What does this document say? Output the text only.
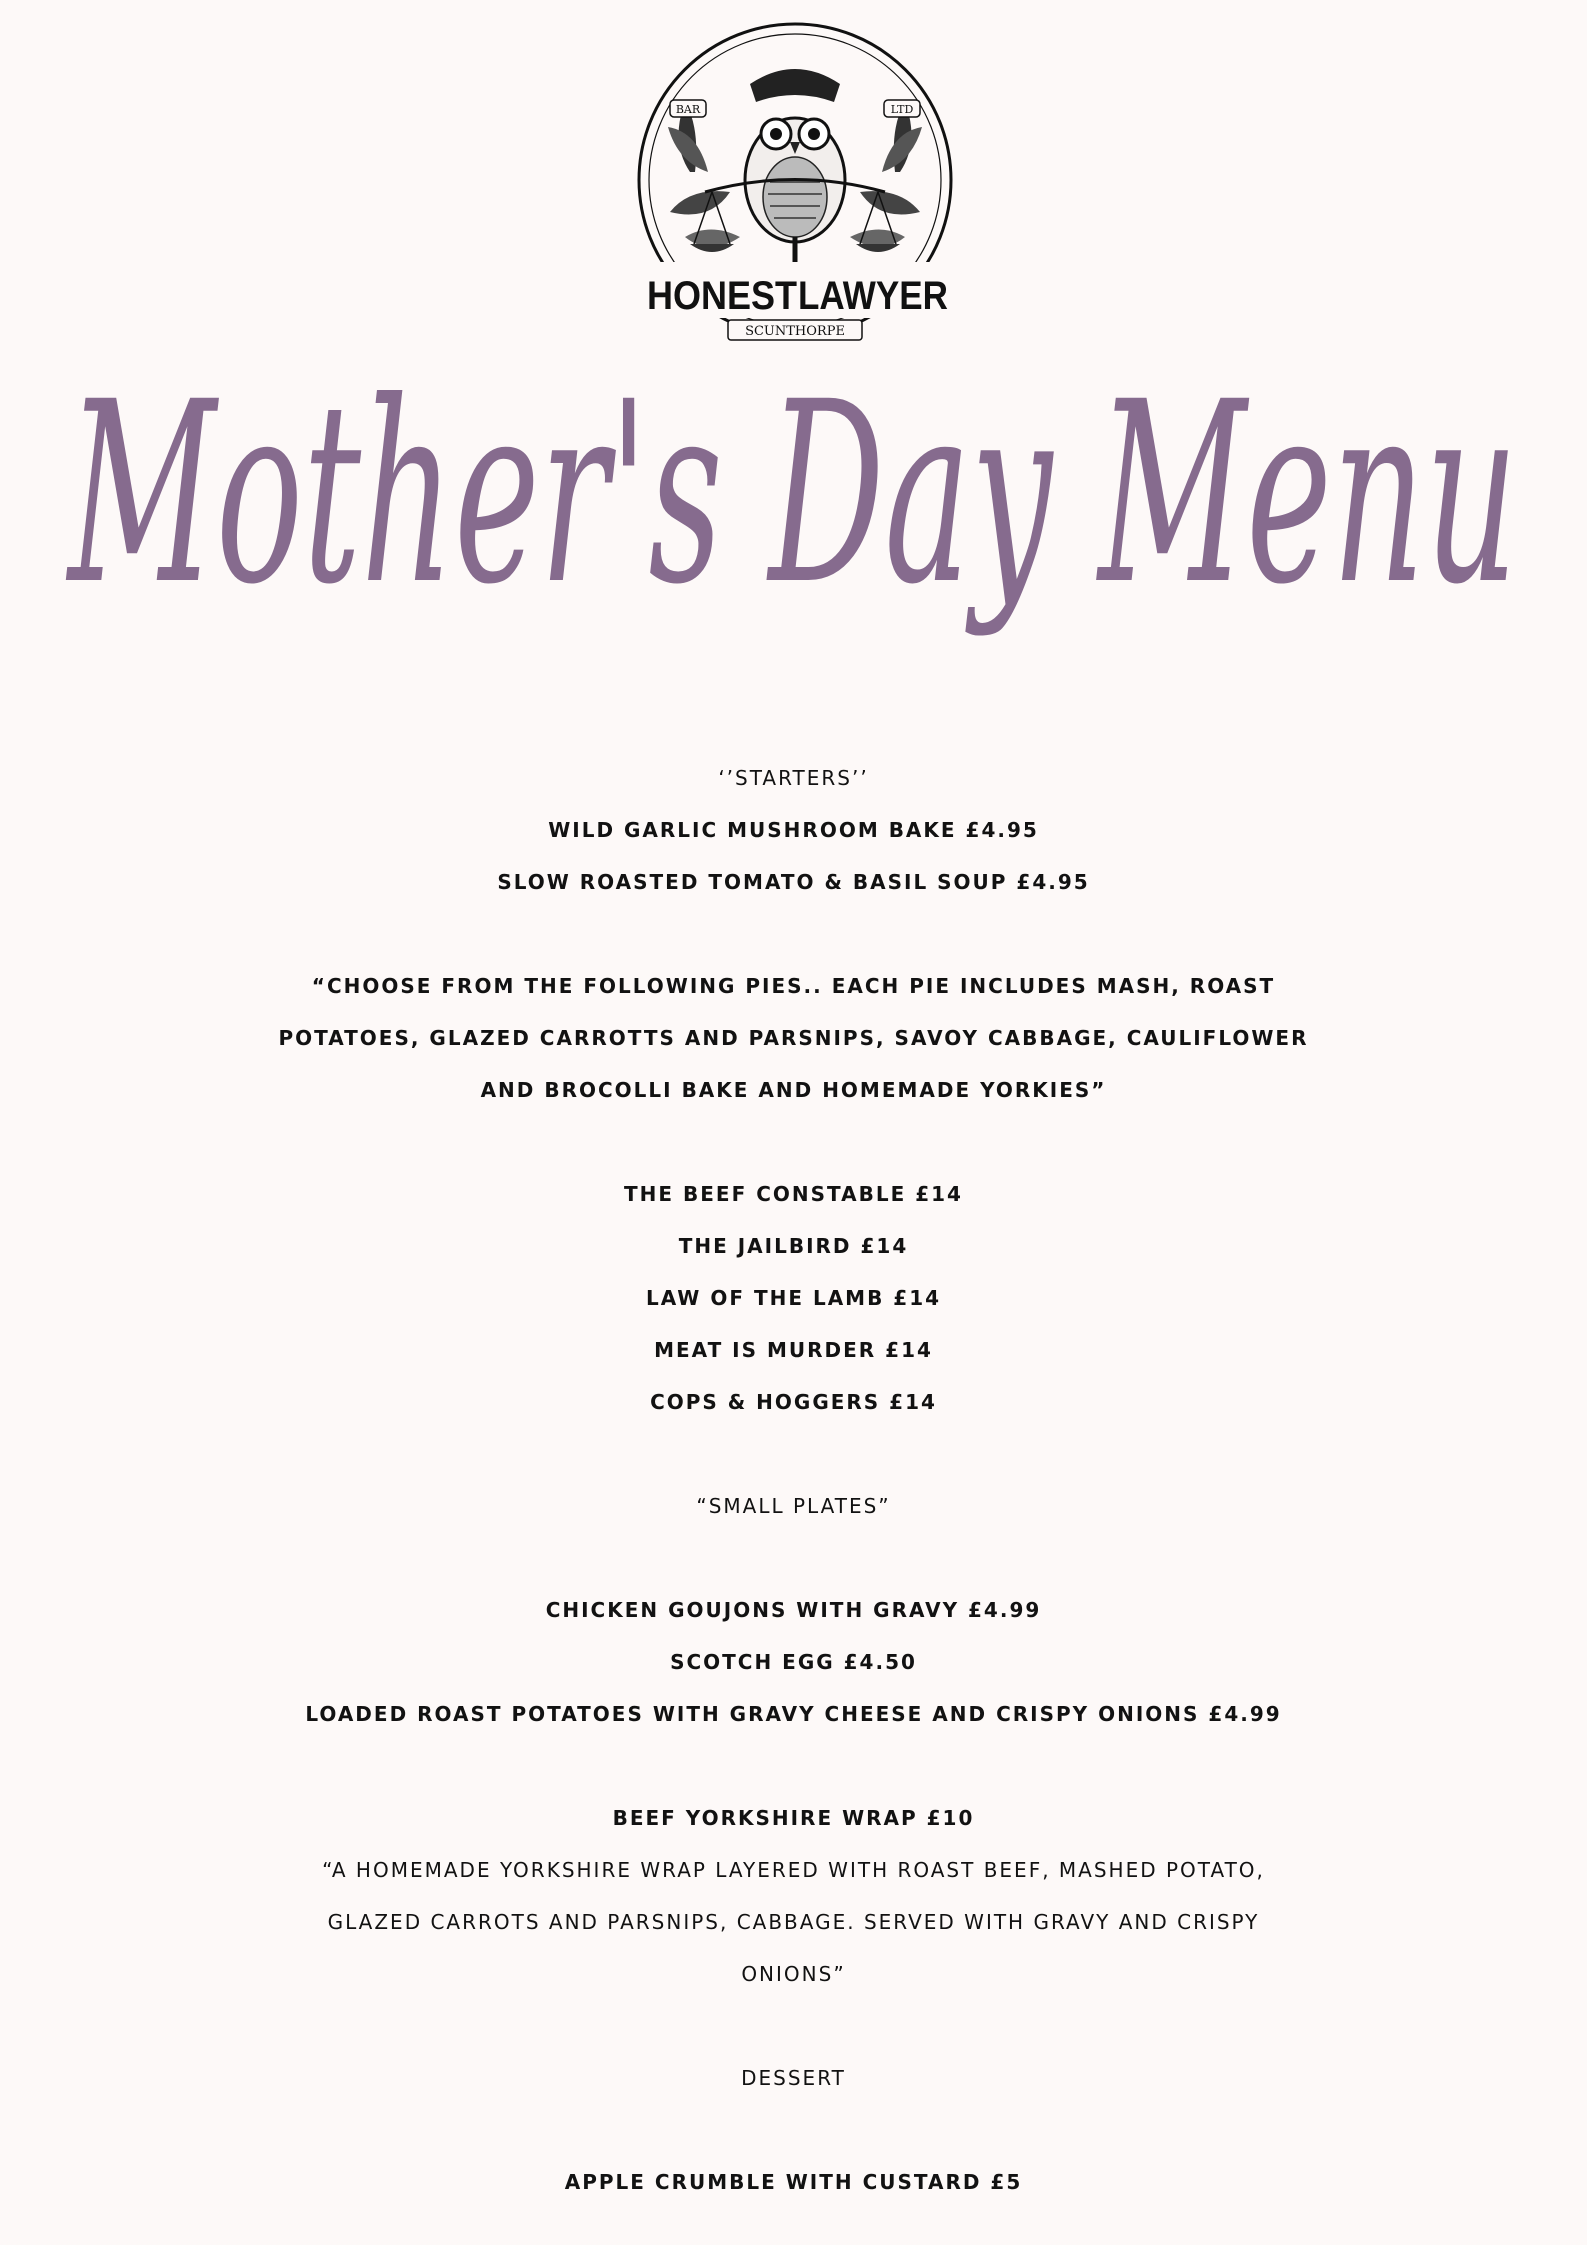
BAR	LTD
HONEST LAWYER
SCUNTHORPE
Mother's Day Menu
‘’STARTERS’’
WILD GARLIC MUSHROOM BAKE £4.95
SLOW ROASTED TOMATO & BASIL SOUP £4.95
“CHOOSE FROM THE FOLLOWING PIES.. EACH PIE INCLUDES MASH, ROAST
POTATOES, GLAZED CARROTTS AND PARSNIPS, SAVOY CABBAGE, CAULIFLOWER
AND BROCOLLI BAKE AND HOMEMADE YORKIES”
THE BEEF CONSTABLE £14
THE JAILBIRD £14
LAW OF THE LAMB £14
MEAT IS MURDER £14
COPS & HOGGERS £14
“SMALL PLATES”
CHICKEN GOUJONS WITH GRAVY £4.99
SCOTCH EGG £4.50
LOADED ROAST POTATOES WITH GRAVY CHEESE AND CRISPY ONIONS £4.99
BEEF YORKSHIRE WRAP £10
“A HOMEMADE YORKSHIRE WRAP LAYERED WITH ROAST BEEF, MASHED POTATO,
GLAZED CARROTS AND PARSNIPS, CABBAGE. SERVED WITH GRAVY AND CRISPY
ONIONS”
DESSERT
APPLE CRUMBLE WITH CUSTARD £5
